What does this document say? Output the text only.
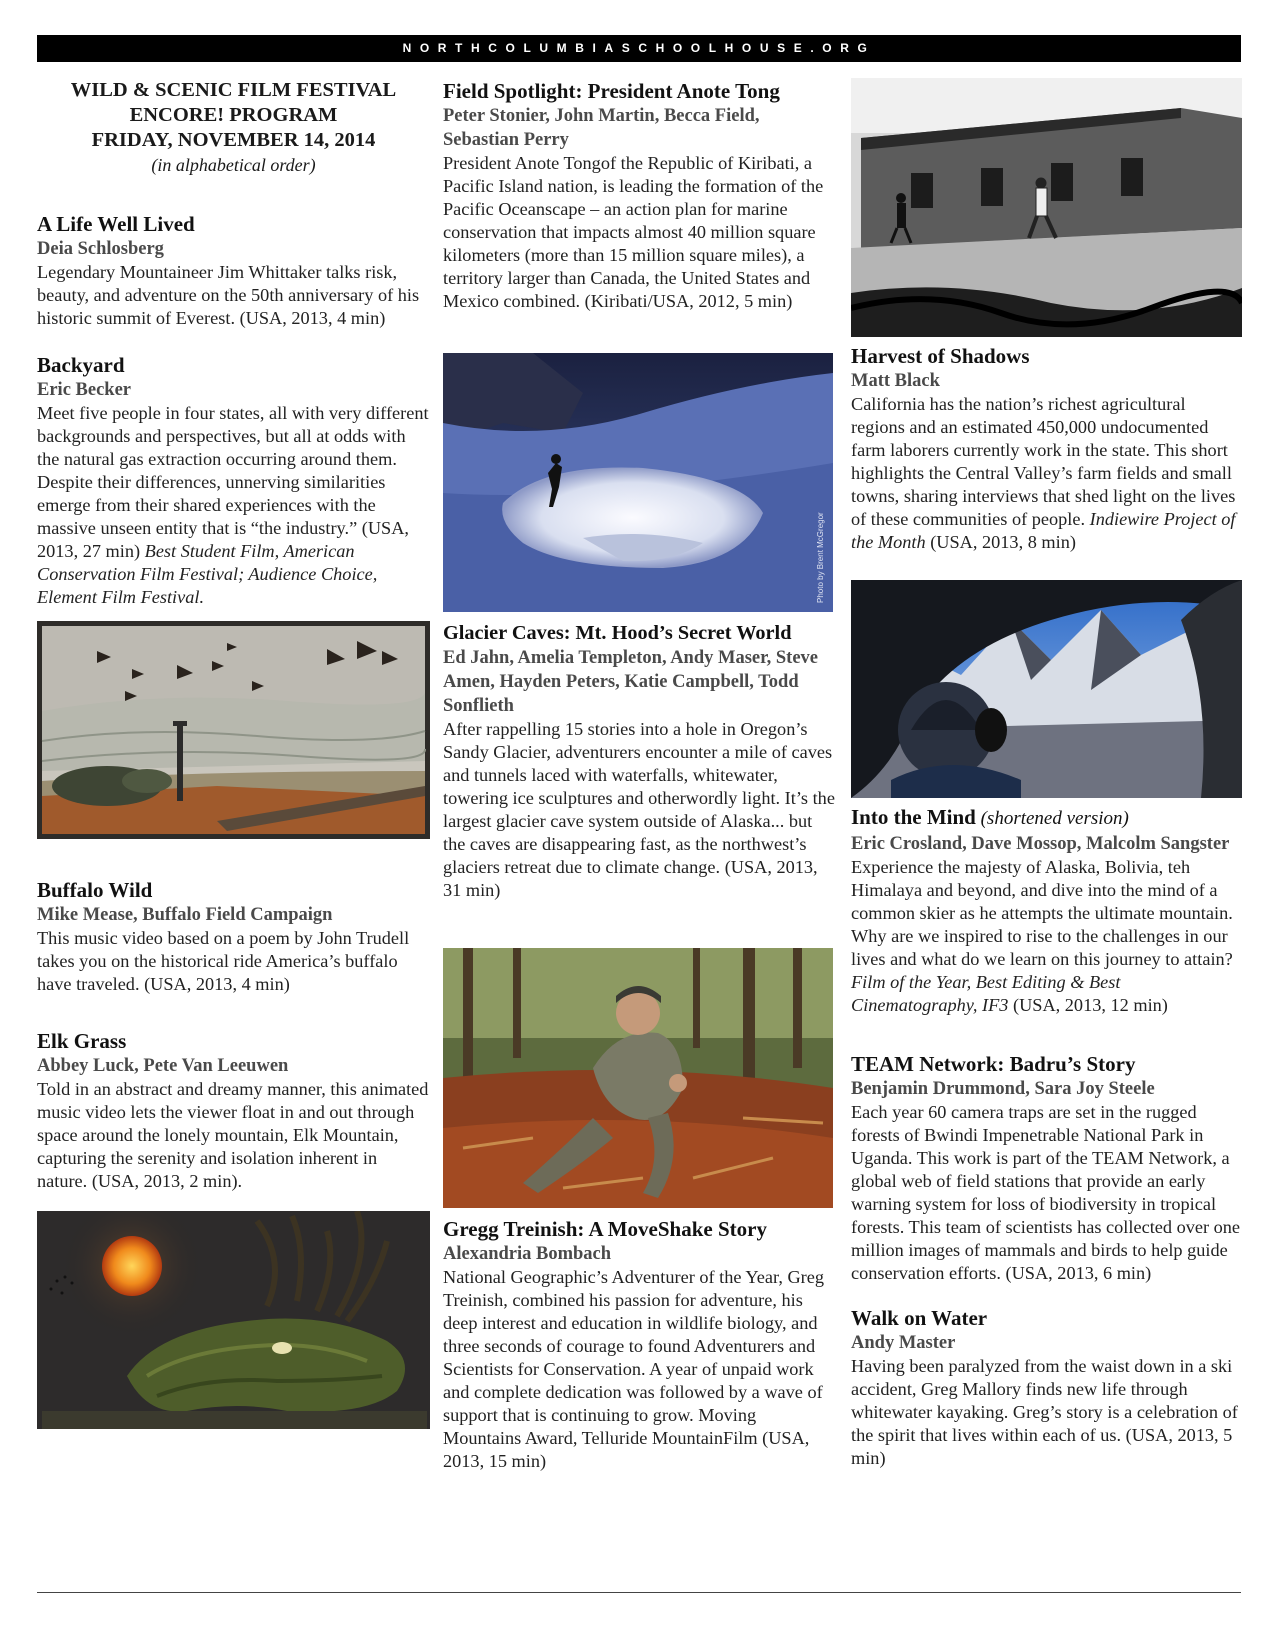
NORTHCOLUMBIASCHOOLHOUSE.ORG
WILD & SCENIC FILM FESTIVAL
ENCORE! PROGRAM
FRIDAY, NOVEMBER 14, 2014
(in alphabetical order)
A Life Well Lived
Deia Schlosberg
Legendary Mountaineer Jim Whittaker talks risk, beauty, and adventure on the 50th anniversary of his historic summit of Everest. (USA, 2013, 4 min)
Backyard
Eric Becker
Meet five people in four states, all with very different backgrounds and perspectives, but all at odds with the natural gas extraction occurring around them. Despite their differences, unnerving similarities emerge from their shared experiences with the massive unseen entity that is “the industry.” (USA, 2013, 27 min) Best Student Film, American Conservation Film Festival; Audience Choice, Element Film Festival.
Buffalo Wild
Mike Mease, Buffalo Field Campaign
This music video based on a poem by John Trudell takes you on the historical ride America’s buffalo have traveled. (USA, 2013, 4 min)
Elk Grass
Abbey Luck, Pete Van Leeuwen
Told in an abstract and dreamy manner, this animated music video lets the viewer float in and out through space around the lonely mountain, Elk Mountain, capturing the serenity and isolation inherent in nature. (USA, 2013, 2 min).
Field Spotlight: President Anote Tong
Peter Stonier, John Martin, Becca Field, Sebastian Perry
President Anote Tongof the Republic of Kiribati, a Pacific Island nation, is leading the formation of the Pacific Oceanscape – an action plan for marine conservation that impacts almost 40 million square kilometers (more than 15 million square miles), a territory larger than Canada, the United States and Mexico combined. (Kiribati/USA, 2012, 5 min)
Photo by Brent McGregor
Glacier Caves: Mt. Hood’s Secret World
Ed Jahn, Amelia Templeton, Andy Maser, Steve Amen, Hayden Peters, Katie Campbell, Todd Sonflieth
After rappelling 15 stories into a hole in Oregon’s Sandy Glacier, adventurers encounter a mile of caves and tunnels laced with waterfalls, whitewater, towering ice sculptures and otherwordly light. It’s the largest glacier cave system outside of Alaska... but the caves are disappearing fast, as the northwest’s glaciers retreat due to climate change. (USA, 2013, 31 min)
Gregg Treinish: A MoveShake Story
Alexandria Bombach
National Geographic’s Adventurer of the Year, Greg Treinish, combined his passion for adventure, his deep interest and education in wildlife biology, and three seconds of courage to found Adventurers and Scientists for Conservation. A year of unpaid work and complete dedication was followed by a wave of support that is continuing to grow. Moving Mountains Award, Telluride MountainFilm (USA, 2013, 15 min)
Harvest of Shadows
Matt Black
California has the nation’s richest agricultural regions and an estimated 450,000 undocumented farm laborers currently work in the state. This short highlights the Central Valley’s farm fields and small towns, sharing interviews that shed light on the lives of these communities of people. Indiewire Project of the Month (USA, 2013, 8 min)
Into the Mind (shortened version)
Eric Crosland, Dave Mossop, Malcolm Sangster
Experience the majesty of Alaska, Bolivia, teh Himalaya and beyond, and dive into the mind of a common skier as he attempts the ultimate mountain. Why are we inspired to rise to the challenges in our lives and what do we learn on this journey to attain? Film of the Year, Best Editing & Best Cinematography, IF3 (USA, 2013, 12 min)
TEAM Network: Badru’s Story
Benjamin Drummond, Sara Joy Steele
Each year 60 camera traps are set in the rugged forests of Bwindi Impenetrable National Park in Uganda. This work is part of the TEAM Network, a global web of field stations that provide an early warning system for loss of biodiversity in tropical forests. This team of scientists has collected over one million images of mammals and birds to help guide conservation efforts. (USA, 2013, 6 min)
Walk on Water
Andy Master
Having been paralyzed from the waist down in a ski accident, Greg Mallory finds new life through whitewater kayaking. Greg’s story is a celebration of the spirit that lives within each of us. (USA, 2013, 5 min)
